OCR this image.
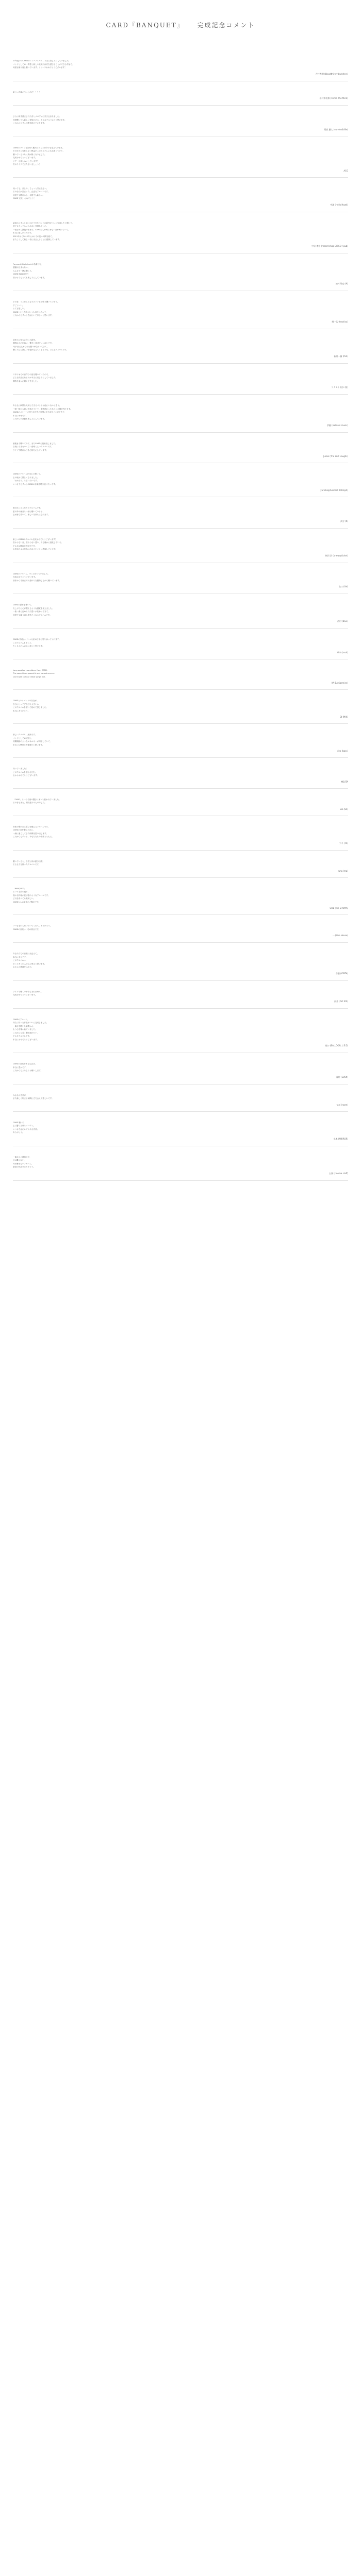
CARD『BANQUET』 完成記念コメント
10年振りのCARDのニューアルバム、本当に楽しみにしていました。
バンドとしての一貫性と新しい挑戦の両方を感じることができる作品で、
何度も繰り返し聴いています。リリースおめでとうございます！
吉村秀樹 (bloodthirsty butchers)
新しい音源がやっと出た！！！！
山村和次郎 (Climb The Mind)
さらに研ぎ澄まされた音とメロディに引き込まれました。
何度聴いても新しい発見がある、そんなアルバムだと思います。
これからもずっと聴き続けていきます。
阿部 慶太 (survive/killie)
CARDのライブを初めて観た日のことを今でも覚えています。
あの日から変わらない熱量がこのアルバムにも詰まっていて、
聴いているうちに胸が熱くなりました。
完成おめでとうございます。
ツアーも楽しみにしています！
次のライブでまた会いましょう！
ACO
知ってる。楽しみ。ちょっと気になる〜。
その全てが詰まった、正直なアルバムです。
何度でも聴けるし、何度でも新しい。
CARD 完成、おめでとう！
中澤 (Hello Hawk)
結成からずっと追いかけてきたバンドの新作がついに完成したと聞いて、
居ても立ってもいられない気持ちでした。
一曲目から最後の曲まで、CARDにしか鳴らせない音が鳴っていて、
本当に嬉しかったです。
2011年から2012年にかけての長い時間を経て、
またこうして新しい音に出会えることに感謝しています。
中原 孝治 (record shop DISCO / pub)
Foreverの Bully Luckの名曲たち、
感動が止まらない。
みんなで一緒に聴こう。
CARD BANQUET!
僕はとてもとても楽しみにしています。
柏村 敏史 (A)
その音、ミニからとなりのドアまで鳴り響いていそう。
すごくいい。
とても嬉しい。
CARDという存在がいつも身近にあって、
これからもずっとそばにいてほしいと思います。
堀一弘 (tractiva)
前作から待ちに待った新作。
期待以上の内容に、驚きと喜びでいっぱいです。
1曲1曲に込められた想いが伝わってきて、
聴くたびに新しい景色が見えてくるような、そんなアルバムです。
新井一樹 (fish)
スタジオでの音作りの話を聞いていたので、
どんな作品になるのか本当に楽しみにしていました。
期待を遥かに超えてきました。
ワタモト (白い服)
あんなに瞬間を大切にできるバンドは他にいないと思う。
一瞬一瞬が大切に刻まれていて、聴き終わったあとに余韻が残ります。
CARDのメンバーが作り出す音の世界にまた浸ることができて、
本当に幸せです。
これからの活動も楽しみにしています。
伊藤 (Helsinki music)
最後まで聴いてみて、またCARDに惚れ直しました。
言葉にできないくらい素晴らしいアルバムです。
ライブで聴ける日を心待ちにしています。
Junko (The Lost Laughs)
CARDのアルバムが出ると聞いて、
心の底から嬉しくなりました。
「おかえり」と言いたいです。
いつまでもずっとCARDの音楽を聴き続けたいです。
yurishop(helicoid 200mph)
雨の日にぴったりのアルバムです。
窓の外の雨音と一緒に聴いていると、
心が落ち着いて、優しい気持ちになれます。
武谷 (R)
新しいCARDのアルバム完成おめでとうございます！
変わらない音、変わらない想い、でも確かに進化している。
そんなCARDが大好きです。
心を揺さぶる作品に出会えたことに感謝しています。
柿沢 治 (onewayticket)
CARDのアルバム、ずっと待っていました。
完成おめでとうございます。
前作から今作までの道のりを想像しながら聴いています。
山口 (Ilai)
CARDの新作を聴いて、
久しぶりに心が震えるような感覚を覚えました。
一曲一曲に込められた思いが伝わってきて、
何度でも繰り返し聴きたくなるアルバムです。
西村 (blue)
CARDの作品は、いつも私の日常に寄り添ってくれます。
このアルバムもきっと、
たくさんの人の心に届くと思います。
Oda (rock)
Long awaited new album from CARD.
The sound is as powerful and honest as ever.
Can't wait to hear these songs live.
KA-BA (jasmine)
CARDというバンドの存在が、
自分にとってどれだけ大きいか、
このアルバムを聴いて改めて感じました。
本当にありがとう。
DJ (MIX)
新しいアルバム、最高です。
バンドとしての成熟と、
初期衝動のようなエネルギーが同居していて、
まさにCARDの真骨頂だと思います。
kiyo (bass)
待っていました！
このアルバムを聴ける日を。
心からおめでとうございます。
MOUTA
「CARD」という名前の響きにずっと惹かれていました。
その音もまた、期待通りのものでした。
wa (SS)
音楽で繋がれる喜びを感じるアルバムです。
CARDの音を聴くたびに、
一緒に過ごしてきた時間を思い出します。
これからもずっと、あなたたちの音楽とともに。
ツキ (FS)
聴いていると、自然と体が動き出す。
そんな力を持ったアルバムです。
tuna (mp)
「BANQUET」
という名前の通り、
様々な料理が並ぶ宴のようなアルバムです。
どれを食べても美味しい。
CARDからの最高のご馳走です。
GOE (the SHUMA)
いつも変わらないでいてくれて、ありがとう。
CARDの音楽は、私の原点です。
一 (Live House)
あなたたちの音楽に出会えて、
本当に幸せです。
このアルバムは、
きっと多くの人の心に残ると思います。
心からの感謝を込めて。
斎藤 (ATATA)
ライブで聴くのが待ちきれません。
完成おめでとうございます。
高井 (Oct 4th)
CARDのアルバム、
待ちに待った作品がついに完成しました。
一曲目を聴いた瞬間から、
もう心を奪われていました。
これからも長く聴き続けたい、
そんなアルバムです。
本当におめでとうございます。
福の (BALLOON, L.E.D)
CARDの音楽がある生活は、
本当に豊かです。
これからもよろしくお願いします。
藤村 (EVEN)
みんなの音楽が、
また新しく始まる瞬間に立ち会えて嬉しいです。
tani (room)
CARD 聴いた
心に響く言葉とメロディ。
いつもそばにいてくれる音楽。
ありがとう。
水本 (MIRROR)
一曲目から最後まで、
目が離せない、
耳が離せないアルバム。
最高の作品をありがとう。
古澤 (cinema staff)
